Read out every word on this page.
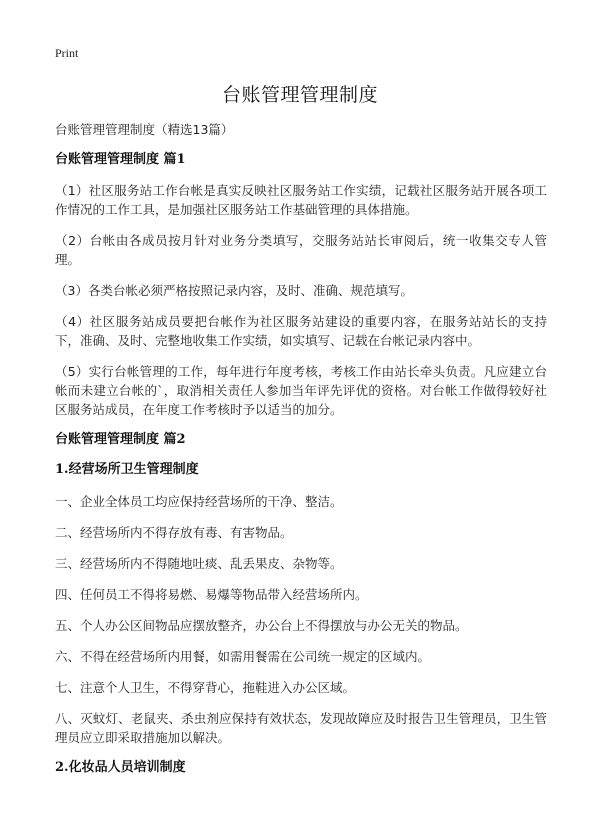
Print
台账管理管理制度

台账管理管理制度（精选13篇）

台账管理管理制度 篇1

（1）社区服务站工作台帐是真实反映社区服务站工作实绩，记载社区服务站开展各项工作情况的工作工具，是加强社区服务站工作基础管理的具体措施。

（2）台帐由各成员按月针对业务分类填写，交服务站站长审阅后，统一收集交专人管理。

（3）各类台帐必须严格按照记录内容，及时、准确、规范填写。

（4）社区服务站成员要把台帐作为社区服务站建设的重要内容，在服务站站长的支持下，准确、及时、完整地收集工作实绩，如实填写、记载在台帐记录内容中。

（5）实行台帐管理的工作，每年进行年度考核，考核工作由站长牵头负责。凡应建立台帐而未建立台帐的`，取消相关责任人参加当年评先评优的资格。对台帐工作做得较好社区服务站成员，在年度工作考核时予以适当的加分。

台账管理管理制度 篇2
1.经营场所卫生管理制度

一、企业全体员工均应保持经营场所的干净、整洁。

二、经营场所内不得存放有毒、有害物品。

三、经营场所内不得随地吐痰、乱丢果皮、杂物等。

四、任何员工不得将易燃、易爆等物品带入经营场所内。

五、个人办公区间物品应摆放整齐，办公台上不得摆放与办公无关的物品。

六、不得在经营场所内用餐，如需用餐需在公司统一规定的区域内。

七、注意个人卫生，不得穿背心，拖鞋进入办公区域。

八、灭蚊灯、老鼠夹、杀虫剂应保持有效状态，发现故障应及时报告卫生管理员，卫生管理员应立即采取措施加以解决。

2.化妆品人员培训制度
